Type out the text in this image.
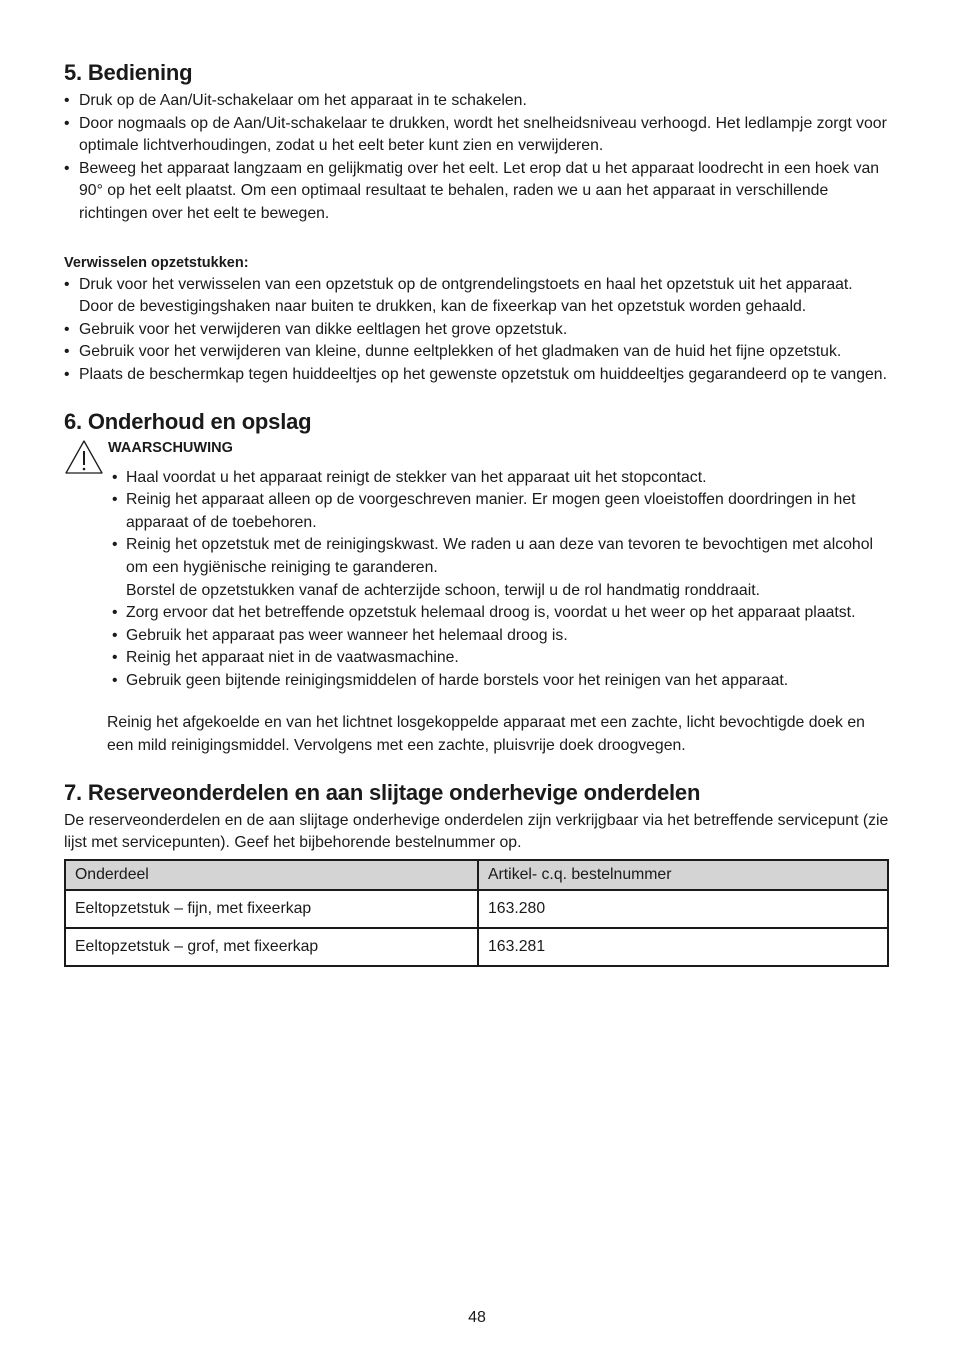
5. Bediening
• Druk op de Aan/Uit-schakelaar om het apparaat in te schakelen.
• Door nogmaals op de Aan/Uit-schakelaar te drukken, wordt het snelheidsniveau verhoogd. Het ledlampje zorgt voor optimale lichtverhoudingen, zodat u het eelt beter kunt zien en verwijderen.
• Beweeg het apparaat langzaam en gelijkmatig over het eelt. Let erop dat u het apparaat loodrecht in een hoek van 90° op het eelt plaatst. Om een optimaal resultaat te behalen, raden we u aan het apparaat in verschillende richtingen over het eelt te bewegen.
Verwisselen opzetstukken:
• Druk voor het verwisselen van een opzetstuk op de ontgrendelingstoets en haal het opzetstuk uit het apparaat. Door de bevestigingshaken naar buiten te drukken, kan de fixeerkap van het opzetstuk worden gehaald.
• Gebruik voor het verwijderen van dikke eeltlagen het grove opzetstuk.
• Gebruik voor het verwijderen van kleine, dunne eeltplekken of het gladmaken van de huid het fijne opzetstuk.
• Plaats de beschermkap tegen huiddeeltjes op het gewenste opzetstuk om huiddeeltjes gegarandeerd op te vangen.
6. Onderhoud en opslag
WAARSCHUWING
• Haal voordat u het apparaat reinigt de stekker van het apparaat uit het stopcontact.
• Reinig het apparaat alleen op de voorgeschreven manier. Er mogen geen vloeistoffen doordringen in het apparaat of de toebehoren.
• Reinig het opzetstuk met de reinigingskwast. We raden u aan deze van tevoren te bevochtigen met alcohol om een hygiënische reiniging te garanderen.
Borstel de opzetstukken vanaf de achterzijde schoon, terwijl u de rol handmatig ronddraait.
• Zorg ervoor dat het betreffende opzetstuk helemaal droog is, voordat u het weer op het apparaat plaatst.
• Gebruik het apparaat pas weer wanneer het helemaal droog is.
• Reinig het apparaat niet in de vaatwasmachine.
• Gebruik geen bijtende reinigingsmiddelen of harde borstels voor het reinigen van het apparaat.

Reinig het afgekoelde en van het lichtnet losgekoppelde apparaat met een zachte, licht bevochtigde doek en een mild reinigingsmiddel. Vervolgens met een zachte, pluisvrije doek droogvegen.

7. Reserveonderdelen en aan slijtage onderhevige onderdelen
De reserveonderdelen en de aan slijtage onderhevige onderdelen zijn verkrijgbaar via het betreffende servicepunt (zie lijst met servicepunten). Geef het bijbehorende bestelnummer op.
Onderdeel	Artikel- c.q. bestelnummer
Eeltopzetstuk – fijn, met fixeerkap	163.280
Eeltopzetstuk – grof, met fixeerkap	163.281
48
